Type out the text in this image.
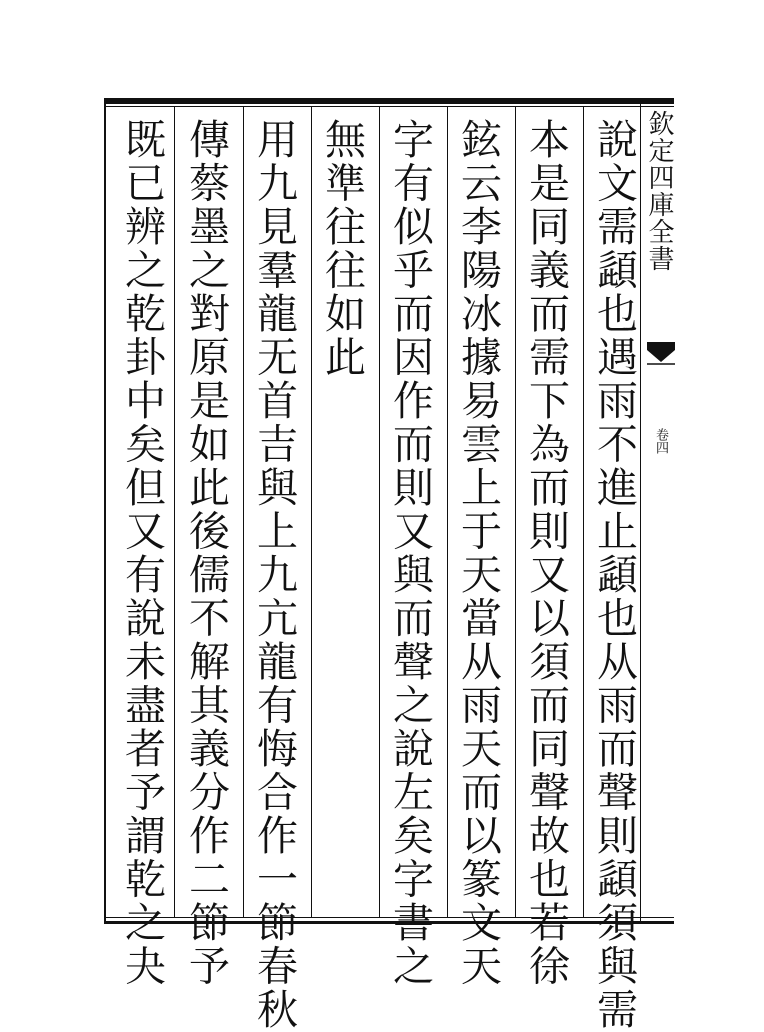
欽定四庫全書
卷四
說文需頿也遇雨不進止頿也从雨而聲則頿須與需
本是同義而需下為而則又以須而同聲故也若徐
鉉云李陽冰據易雲上于天當从雨天而以篆文天
字有似乎而因作而則又與而聲之說左矣字書之
無準往往如此
用九見羣龍无首吉與上九亢龍有悔合作一節春秋
傳蔡墨之對原是如此後儒不解其義分作二節予
既已辨之乾卦中矣但又有說未盡者予謂乾之夬
